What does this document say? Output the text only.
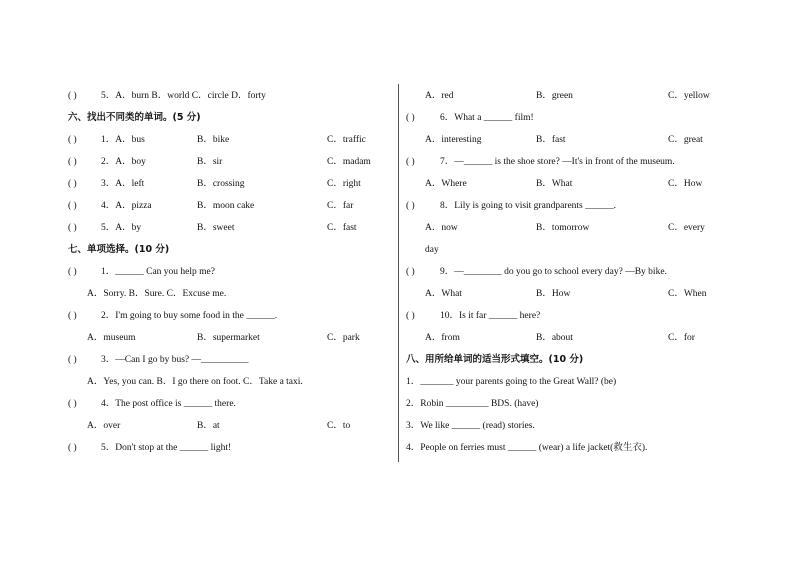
( )	5．A．burn B．world C．circle D．forty
六、找出不同类的单词。(5 分)
( )	1．A．bus	B．bike	C．traffic
( )	2．A．boy	B．sir	C．madam
( )	3．A．left	B．crossing	C．right
( )	4．A．pizza	B．moon cake	C．far
( )	5．A．by	B．sweet	C．fast
七、单项选择。(10 分)
( )	1．______ Can you help me?
A．Sorry. B．Sure. C．Excuse me.
( )	2．I'm going to buy some food in the ______.
A．museum	B．supermarket	C．park
( )	3．—Can I go by bus? —__________
A．Yes, you can. B．I go there on foot. C．Take a taxi.
( )	4．The post office is ______ there.
A．over	B．at	C．to
( )	5．Don't stop at the ______ light!
A．red	B．green	C．yellow
( )	6．What a ______ film!
A．interesting	B．fast	C．great
( )	7．—______ is the shoe store? —It's in front of the museum.
A．Where	B．What	C．How
( )	8．Lily is going to visit grandparents ______.
A．now	B．tomorrow	C．every
day
( )	9．—________ do you go to school every day? —By bike.
A．What	B．How	C．When
( )	10．Is it far ______ here?
A．from	B．about	C．for
八、用所给单词的适当形式填空。(10 分)
1．_______ your parents going to the Great Wall? (be)
2．Robin _________ BDS. (have)
3．We like ______ (read) stories.
4．People on ferries must ______ (wear) a life jacket(救生衣).
